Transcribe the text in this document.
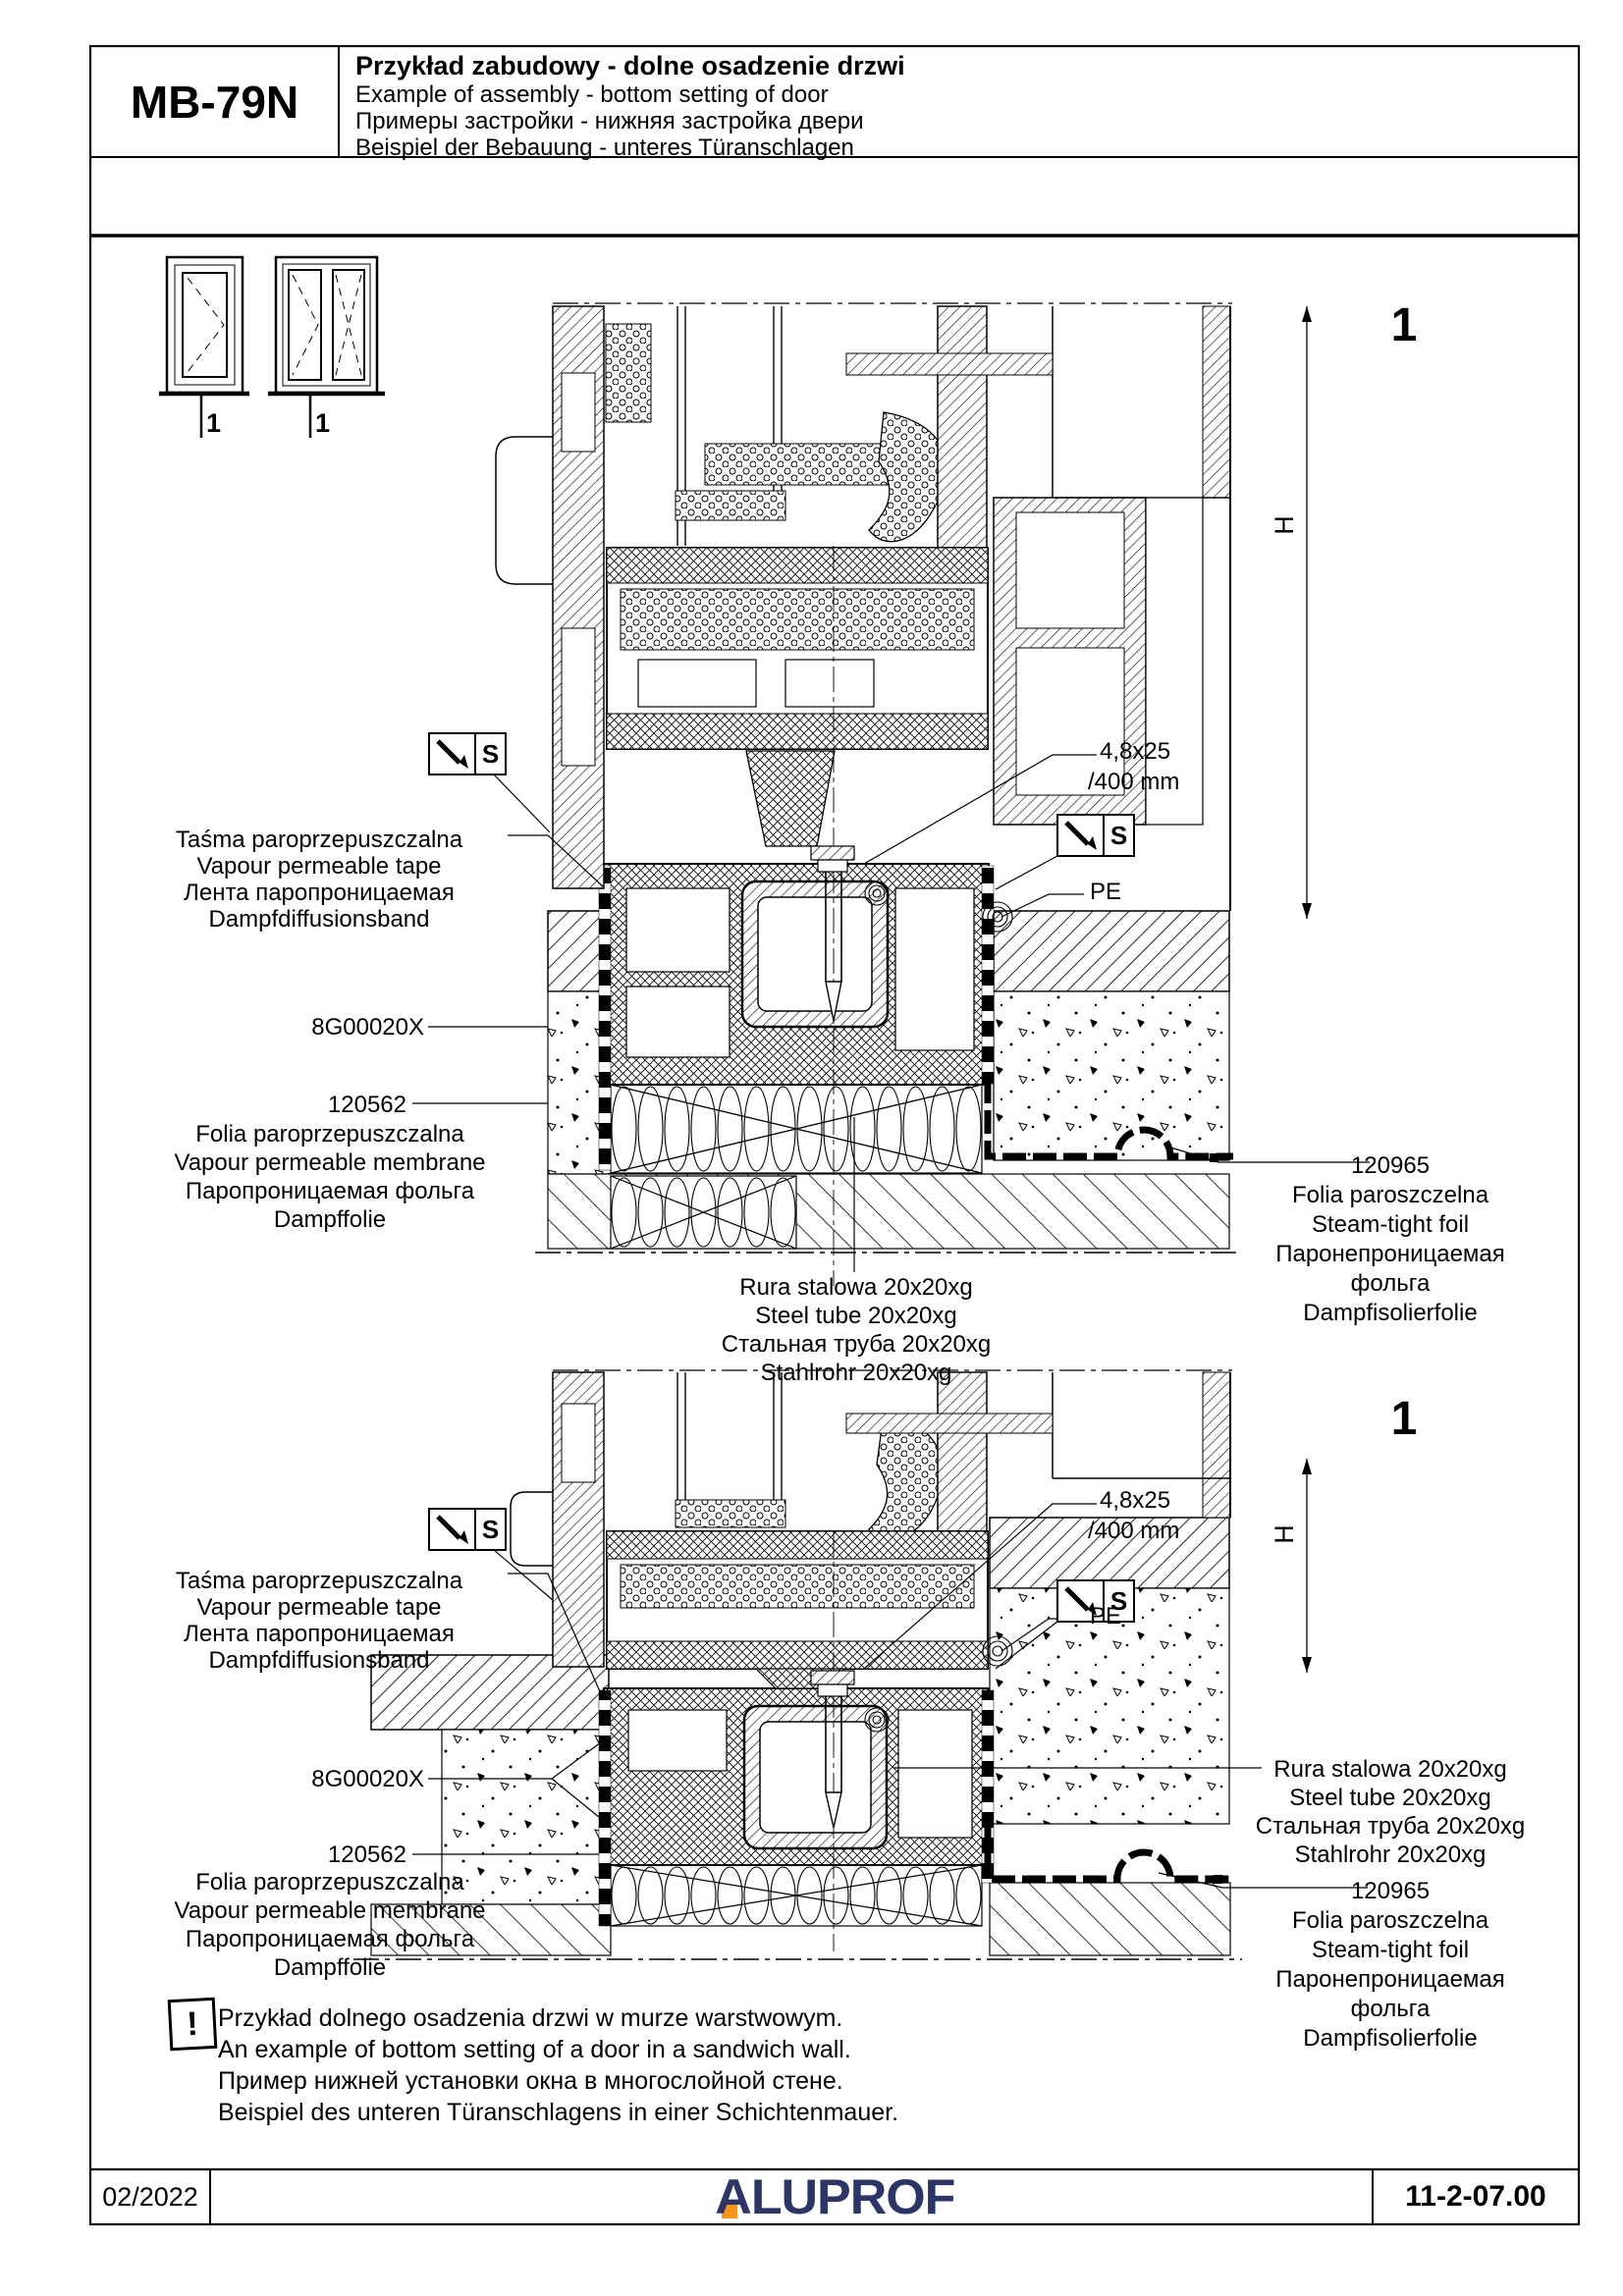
MB-79N
Przykład zabudowy - dolne osadzenie drzwi
Example of assembly - bottom setting of door
Примеры застройки - нижняя застройка двери
Beispiel der Bebauung - unteres Türanschlagen
1	1
1
H
4,8x25
/400 mm
S
S
PE
Taśma paroprzepuszczalna
Vapour permeable tape
Лента паропроницаемая
Dampfdiffusionsband
8G00020X
120562
Folia paroprzepuszczalna
Vapour permeable membrane
Паропроницаемая фольга
Dampffolie
Rura stalowa 20x20xg
Steel tube 20x20xg
Стальная труба 20x20xg
Stahlrohr 20x20xg
120965
Folia paroszczelna
Steam-tight foil
Паронепроницаемая фольга
Dampfisolierfolie
1
H
4,8x25
/400 mm
S
S
PE
Taśma paroprzepuszczalna
Vapour permeable tape
Лента паропроницаемая
Dampfdiffusionsband
8G00020X
120562
Folia paroprzepuszczalna
Vapour permeable membrane
Паропроницаемая фольга
Dampffolie
Rura stalowa 20x20xg
Steel tube 20x20xg
Стальная труба 20x20xg
Stahlrohr 20x20xg
120965
Folia paroszczelna
Steam-tight foil
Паронепроницаемая фольга
Dampfisolierfolie
! Przykład dolnego osadzenia drzwi w murze warstwowym.
An example of bottom setting of a door in a sandwich wall.
Пример нижней установки окна в многослойной стене.
Beispiel des unteren Türanschlagens in einer Schichtenmauer.
02/2022	ALUPROF	11-2-07.00
